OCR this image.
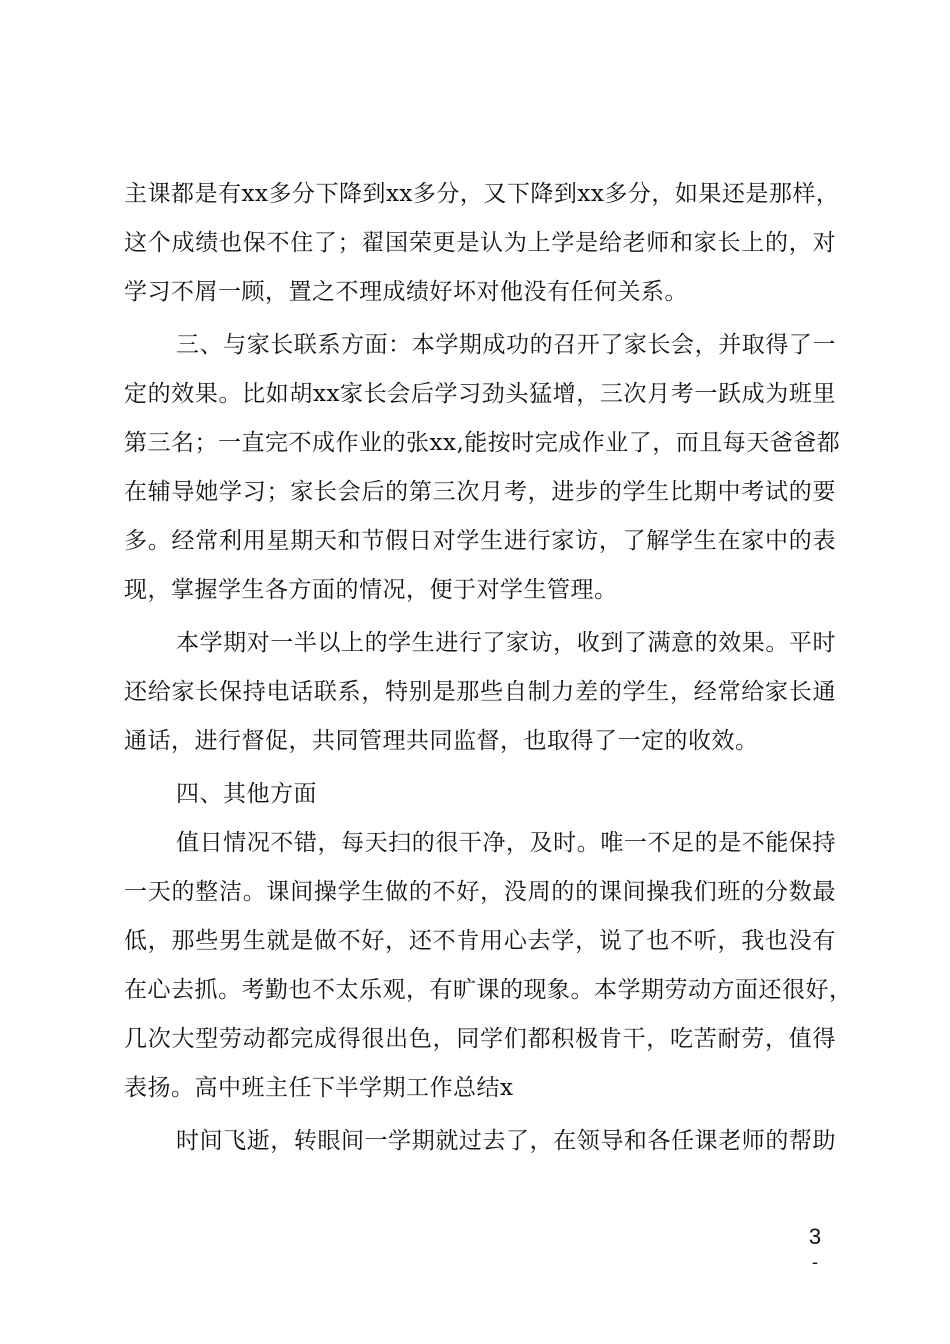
主课都是有xx多分下降到xx多分，又下降到xx多分，如果还是那样，
这个成绩也保不住了；翟国荣更是认为上学是给老师和家长上的，对
学习不屑一顾，置之不理成绩好坏对他没有任何关系。
三、与家长联系方面：本学期成功的召开了家长会，并取得了一
定的效果。比如胡xx家长会后学习劲头猛增，三次月考一跃成为班里
第三名；一直完不成作业的张xx,能按时完成作业了，而且每天爸爸都
在辅导她学习；家长会后的第三次月考，进步的学生比期中考试的要
多。经常利用星期天和节假日对学生进行家访，了解学生在家中的表
现，掌握学生各方面的情况，便于对学生管理。
本学期对一半以上的学生进行了家访，收到了满意的效果。平时
还给家长保持电话联系，特别是那些自制力差的学生，经常给家长通
通话，进行督促，共同管理共同监督，也取得了一定的收效。
四、其他方面
值日情况不错，每天扫的很干净，及时。唯一不足的是不能保持
一天的整洁。课间操学生做的不好，没周的的课间操我们班的分数最
低，那些男生就是做不好，还不肯用心去学，说了也不听，我也没有
在心去抓。考勤也不太乐观，有旷课的现象。本学期劳动方面还很好，
几次大型劳动都完成得很出色，同学们都积极肯干，吃苦耐劳，值得
表扬。高中班主任下半学期工作总结x
时间飞逝，转眼间一学期就过去了，在领导和各任课老师的帮助
3
-
